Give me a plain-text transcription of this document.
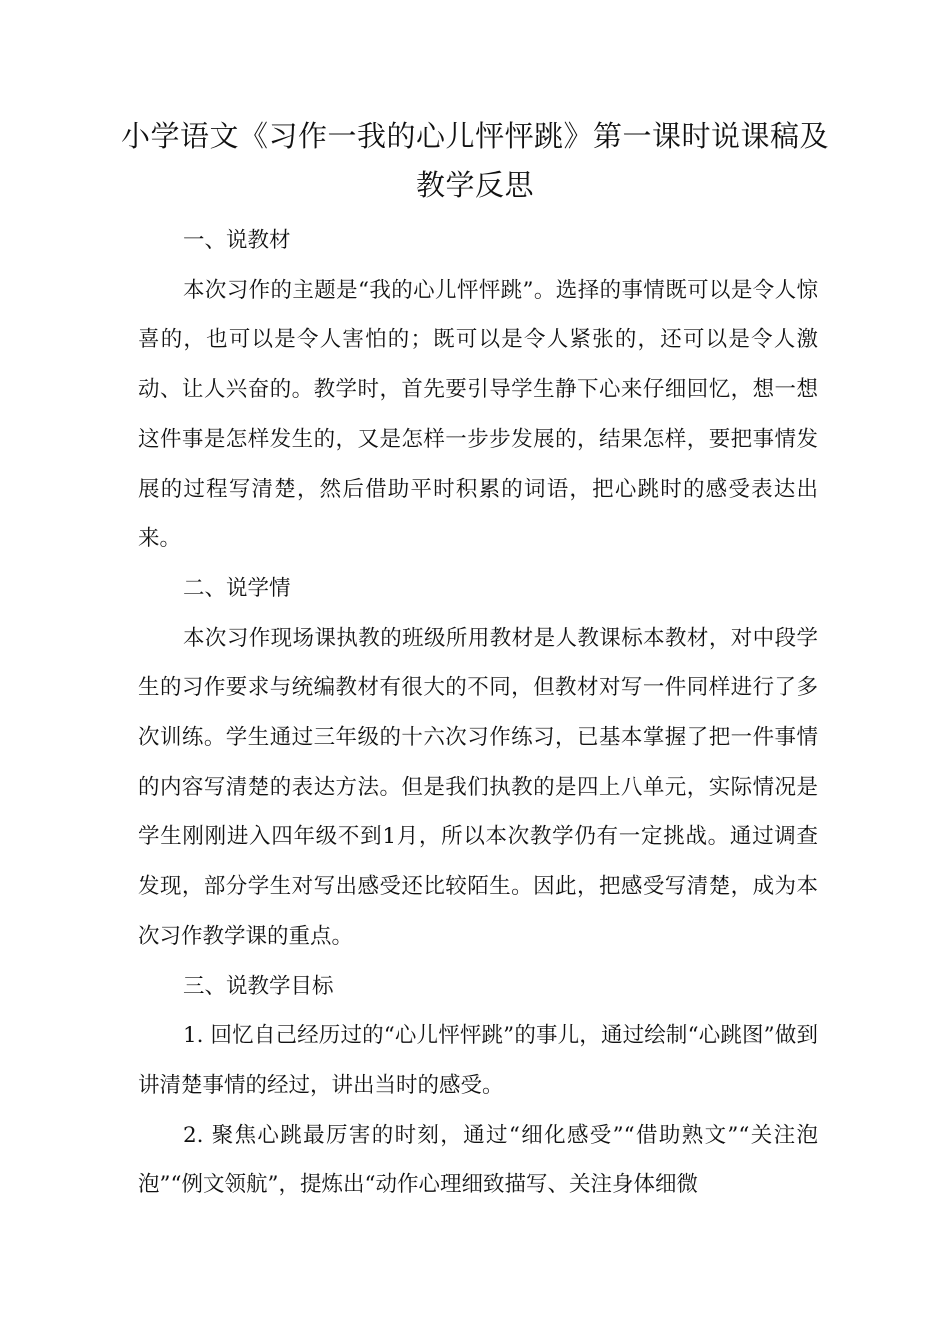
小学语文《习作一我的心儿怦怦跳》第一课时说课稿及教学反思

一、说教材

本次习作的主题是“我的心儿怦怦跳”。选择的事情既可以是令人惊喜的，也可以是令人害怕的；既可以是令人紧张的，还可以是令人激动、让人兴奋的。教学时，首先要引导学生静下心来仔细回忆，想一想这件事是怎样发生的，又是怎样一步步发展的，结果怎样，要把事情发展的过程写清楚，然后借助平时积累的词语，把心跳时的感受表达出来。

二、说学情

本次习作现场课执教的班级所用教材是人教课标本教材，对中段学生的习作要求与统编教材有很大的不同，但教材对写一件同样进行了多次训练。学生通过三年级的十六次习作练习，已基本掌握了把一件事情的内容写清楚的表达方法。但是我们执教的是四上八单元，实际情况是学生刚刚进入四年级不到1月，所以本次教学仍有一定挑战。通过调查发现，部分学生对写出感受还比较陌生。因此，把感受写清楚，成为本次习作教学课的重点。

三、说教学目标

1. 回忆自己经历过的“心儿怦怦跳”的事儿，通过绘制“心跳图”做到讲清楚事情的经过，讲出当时的感受。

2. 聚焦心跳最厉害的时刻，通过“细化感受”“借助熟文”“关注泡泡”“例文领航”，提炼出“动作心理细致描写、关注身体细微
